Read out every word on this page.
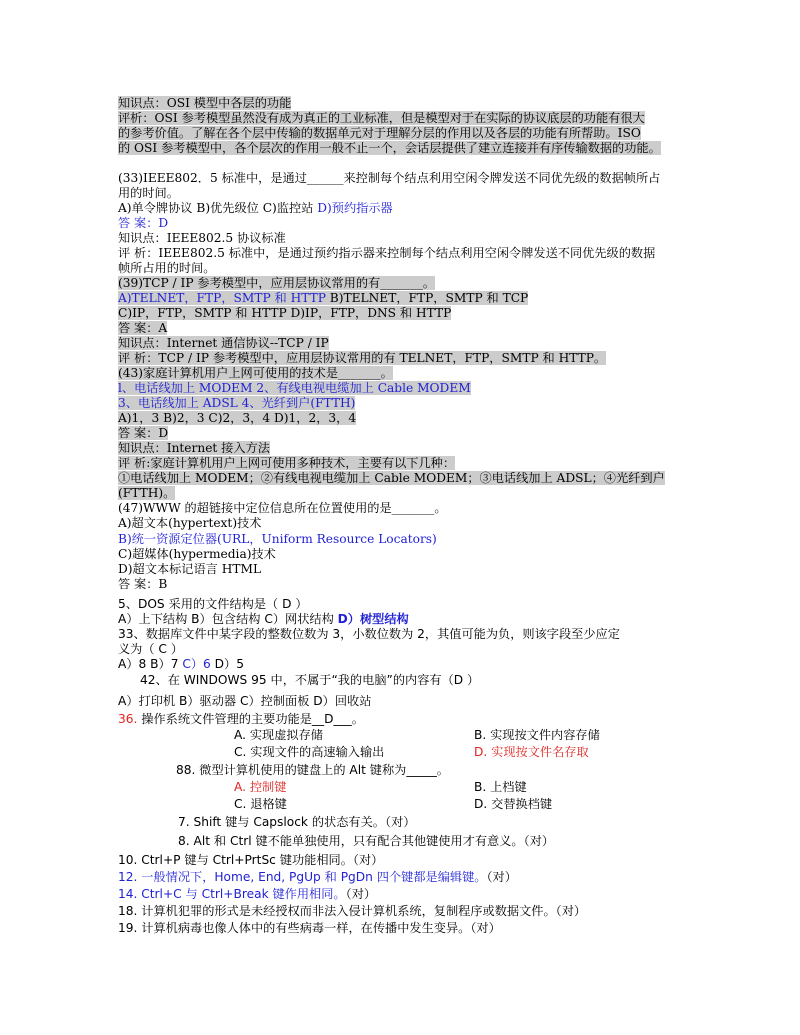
知识点：OSI 模型中各层的功能
评析：OSI 参考模型虽然没有成为真正的工业标准，但是模型对于在实际的协议底层的功能有很大
的参考价值。了解在各个层中传输的数据单元对于理解分层的作用以及各层的功能有所帮助。ISO
的 OSI 参考模型中，各个层次的作用一般不止一个，会话层提供了建立连接并有序传输数据的功能。
(33)IEEE802．5 标准中，是通过______来控制每个结点利用空闲令牌发送不同优先级的数据帧所占
用的时间。
A)单令牌协议 B)优先级位 C)监控站 D)预约指示器
答 案：D
知识点：IEEE802.5 协议标准
评 析：IEEE802.5 标准中，是通过预约指示器来控制每个结点利用空闲令牌发送不同优先级的数据
帧所占用的时间。
(39)TCP / IP 参考模型中，应用层协议常用的有_______。
A)TELNET，FTP，SMTP 和 HTTP B)TELNET，FTP，SMTP 和 TCP
C)IP，FTP，SMTP 和 HTTP D)IP，FTP，DNS 和 HTTP
答 案：A
知识点：Internet 通信协议--TCP / IP
评 析：TCP / IP 参考模型中，应用层协议常用的有 TELNET，FTP，SMTP 和 HTTP。
(43)家庭计算机用户上网可使用的技术是_______。
l、电话线加上 MODEM 2、有线电视电缆加上 Cable MODEM
3、电话线加上 ADSL 4、光纤到户(FTTH)
A)1，3 B)2，3 C)2，3，4 D)1，2，3，4
答 案：D
知识点：Internet 接入方法
评 析:家庭计算机用户上网可使用多种技术，主要有以下几种：
①电话线加上 MODEM；②有线电视电缆加上 Cable MODEM；③电话线加上 ADSL；④光纤到户
(FTTH)。
(47)WWW 的超链接中定位信息所在位置使用的是_______。
A)超文本(hypertext)技术
B)统一资源定位器(URL，Uniform Resource Locators)
C)超媒体(hypermedia)技术
D)超文本标记语言 HTML
答 案：B
5、DOS 采用的文件结构是（ D ）
A）上下结构 B）包含结构 C）网状结构 D）树型结构
33、数据库文件中某字段的整数位数为 3，小数位数为 2，其值可能为负，则该字段至少应定
义为（ C ）
A）8 B）7 C）6 D）5
42、在 WINDOWS 95 中，不属于“我的电脑”的内容有（D ）
A）打印机 B）驱动器 C）控制面板 D）回收站
36. 操作系统文件管理的主要功能是__D___。
A. 实现虚拟存储	B. 实现按文件内容存储
C. 实现文件的高速输入输出	D. 实现按文件名存取
88. 微型计算机使用的键盘上的 Alt 键称为_____。
A. 控制键	B. 上档键
C. 退格键	D. 交替换档键
7. Shift 键与 Capslock 的状态有关。（对）
8. Alt 和 Ctrl 键不能单独使用，只有配合其他键使用才有意义。（对）
10. Ctrl+P 键与 Ctrl+PrtSc 键功能相同。（对）
12. 一般情况下，Home, End, PgUp 和 PgDn 四个键都是编辑键。（对）
14. Ctrl+C 与 Ctrl+Break 键作用相同。（对）
18. 计算机犯罪的形式是未经授权而非法入侵计算机系统，复制程序或数据文件。（对）
19. 计算机病毒也像人体中的有些病毒一样，在传播中发生变异。（对）
